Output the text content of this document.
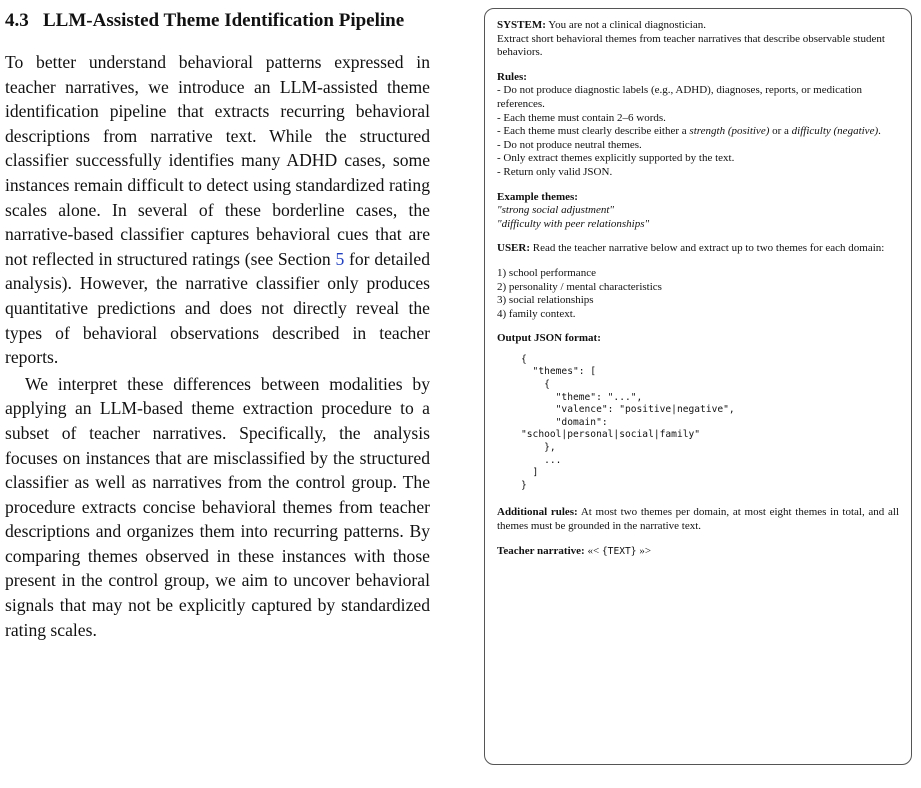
4.3 LLM-Assisted Theme Identification Pipeline

To better understand behavioral patterns expressed in teacher narratives, we introduce an LLM-assisted theme identification pipeline that extracts recurring behavioral descriptions from narrative text. While the structured classifier successfully identifies many ADHD cases, some instances remain difficult to detect using standardized rating scales alone. In several of these borderline cases, the narrative-based classifier captures behavioral cues that are not reflected in structured ratings (see Section 5 for detailed analysis). However, the narrative classifier only produces quantitative predictions and does not directly reveal the types of behavioral observations described in teacher reports.

We interpret these differences between modalities by applying an LLM-based theme extraction procedure to a subset of teacher narratives. Specifically, the analysis focuses on instances that are misclassified by the structured classifier as well as narratives from the control group. The procedure extracts concise behavioral themes from teacher descriptions and organizes them into recurring patterns. By comparing themes observed in these instances with those present in the control group, we aim to uncover behavioral signals that may not be explicitly captured by standardized rating scales.

SYSTEM: You are not a clinical diagnostician.

Extract short behavioral themes from teacher narratives that describe observable student behaviors.

Rules:

- Do not produce diagnostic labels (e.g., ADHD), diagnoses, reports, or medication references.

- Each theme must contain 2–6 words.

- Each theme must clearly describe either a strength (positive) or a difficulty (negative).

- Do not produce neutral themes.

- Only extract themes explicitly supported by the text.

- Return only valid JSON.

Example themes:

"strong social adjustment"

"difficulty with peer relationships"

USER: Read the teacher narrative below and extract up to two themes for each domain:

1) school performance

2) personality / mental characteristics

3) social relationships

4) family context.

Output JSON format:

{
"themes": [
{
"theme": "...",
"valence": "positive|negative",
"domain":
"school|personal|social|family"
},
...
]
}

Additional rules: At most two themes per domain, at most eight themes in total, and all themes must be grounded in the narrative text.

Teacher narrative: «< {TEXT} »>
